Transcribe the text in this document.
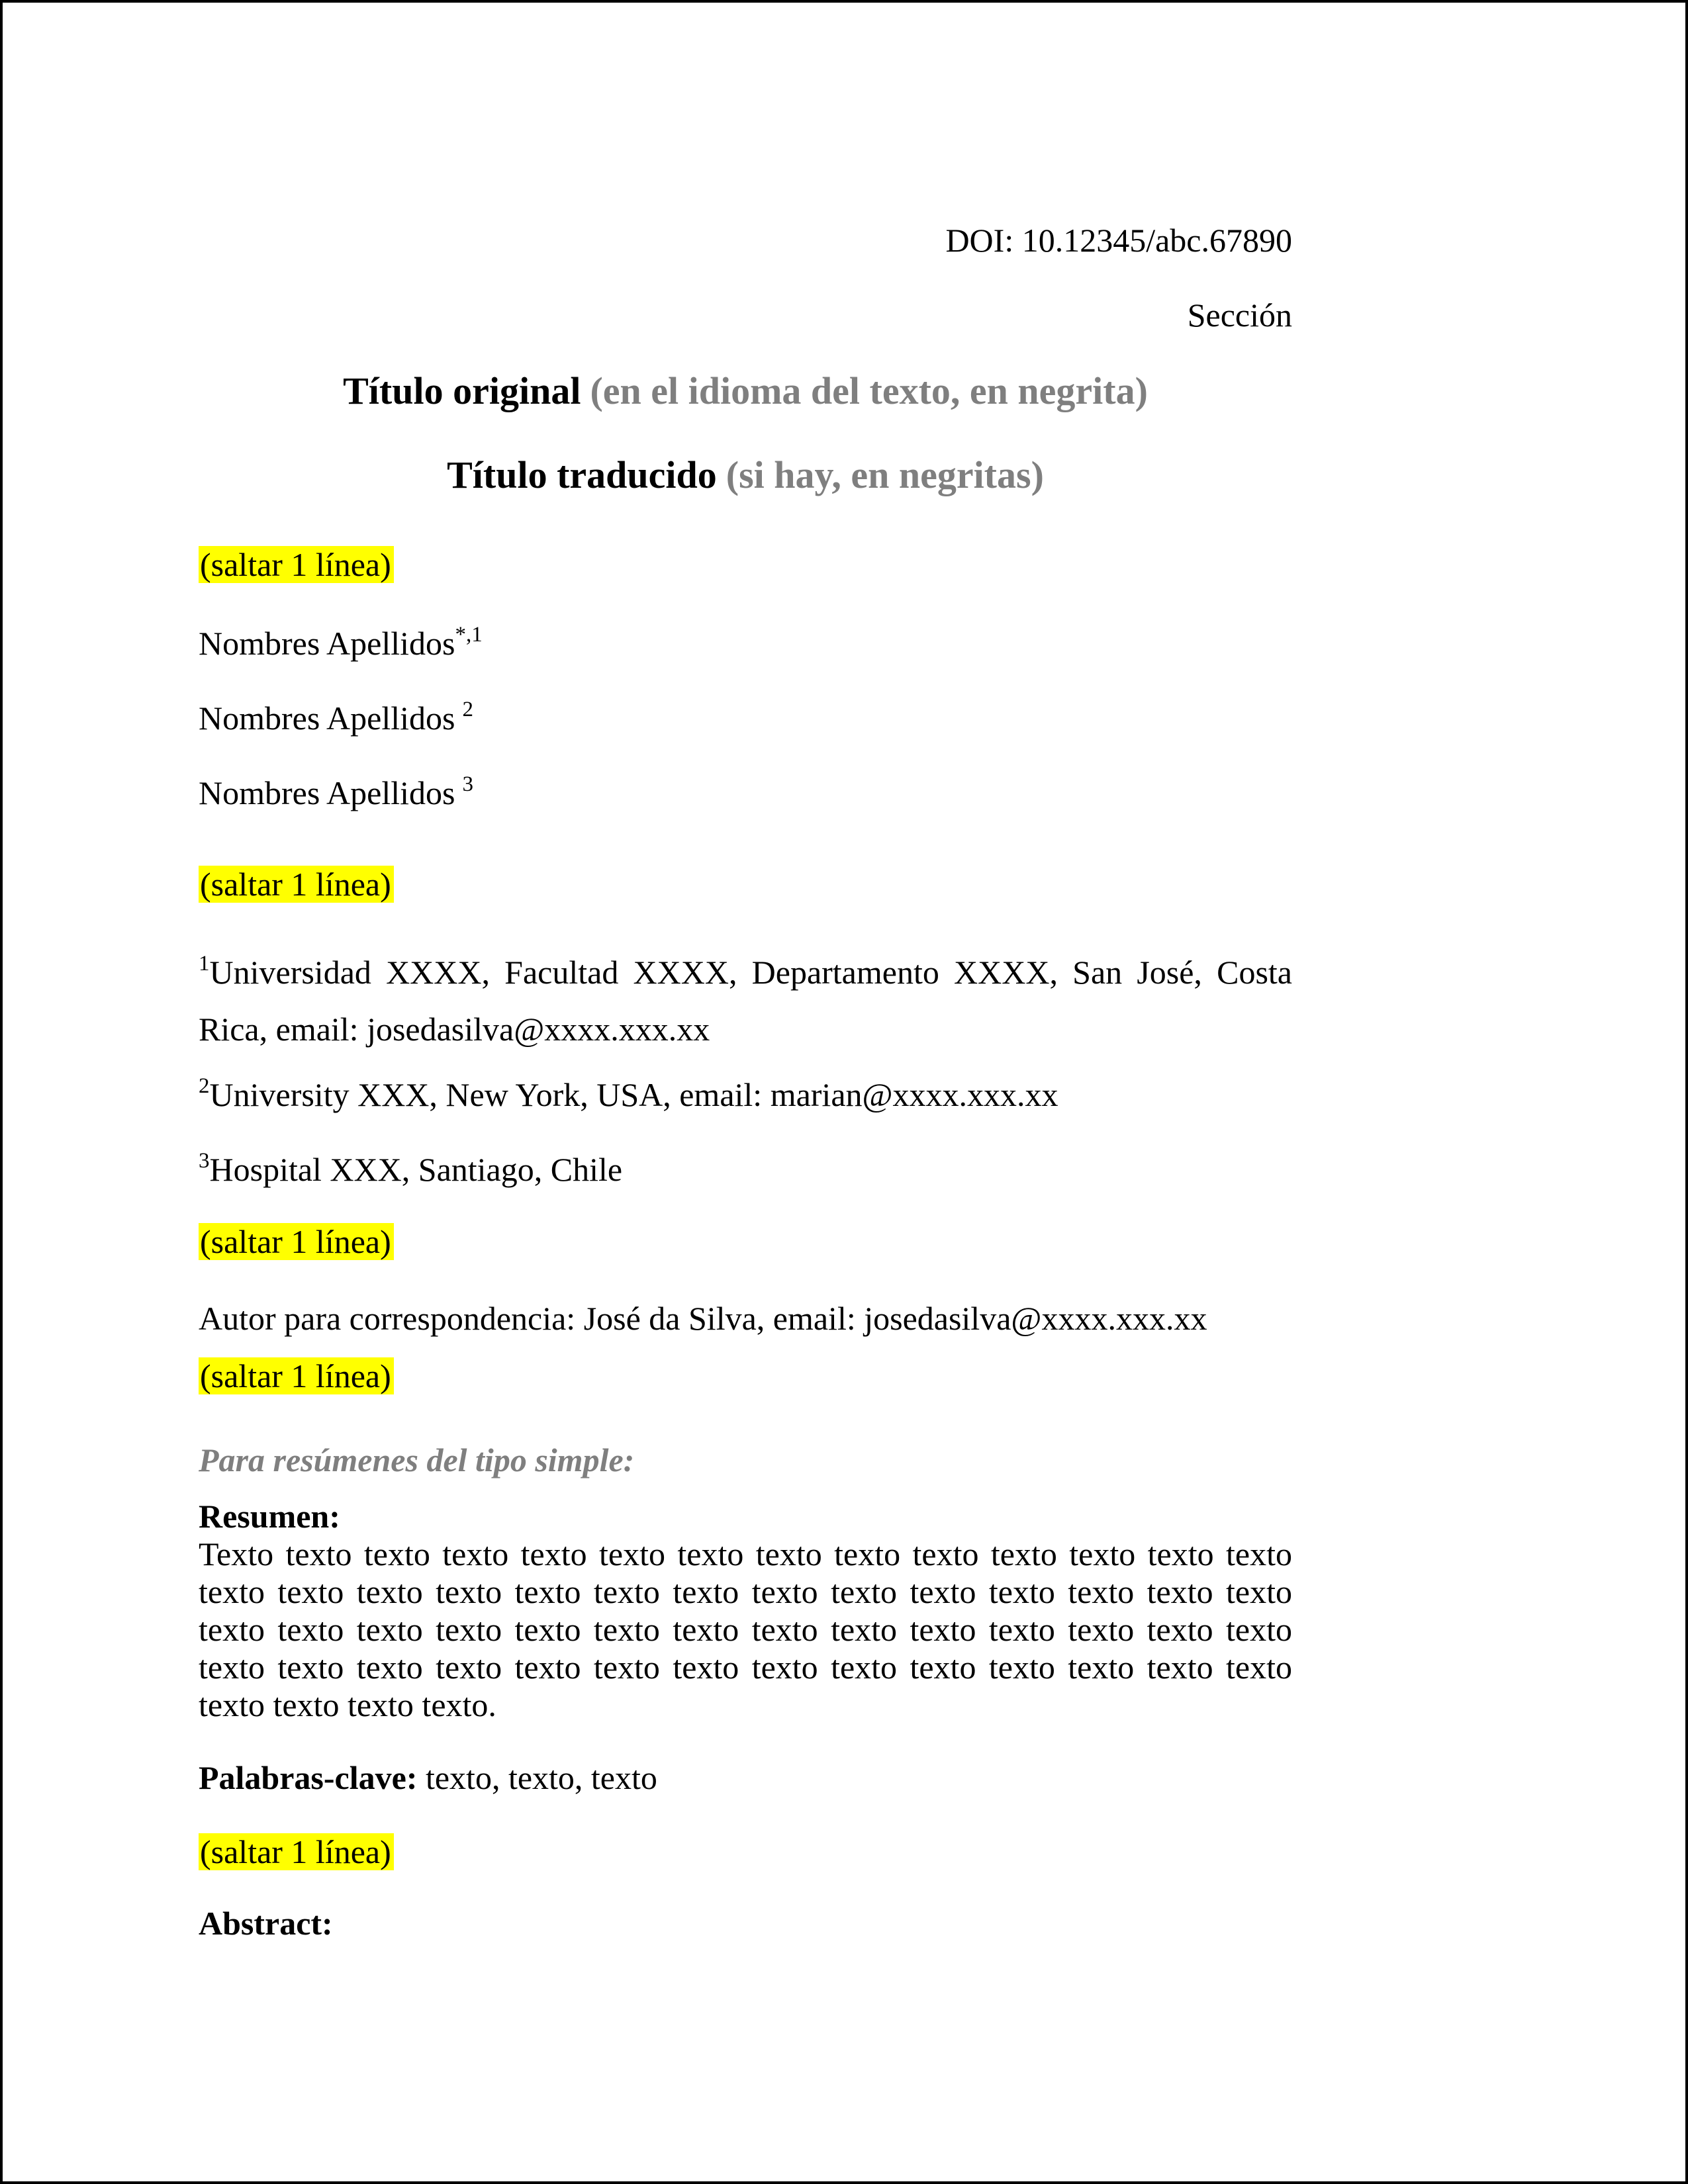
DOI: 10.12345/abc.67890
Sección
Título original (en el idioma del texto, en negrita)
Título traducido (si hay, en negritas)
(saltar 1 línea)
Nombres Apellidos$^{*,1}$
Nombres Apellidos $^2$
Nombres Apellidos $^3$
(saltar 1 línea)
$^1$Universidad XXXX, Facultad XXXX, Departamento XXXX, San José, Costa
Rica, email: josedasilva@xxxx.xxx.xx
$^2$University XXX, New York, USA, email: marian@xxxx.xxx.xx
$^3$Hospital XXX, Santiago, Chile
(saltar 1 línea)
Autor para correspondencia: José da Silva, email: josedasilva@xxxx.xxx.xx
(saltar 1 línea)
Para resúmenes del tipo simple:
Resumen:
Texto texto texto texto texto texto texto texto texto texto texto texto texto texto
texto texto texto texto texto texto texto texto texto texto texto texto texto texto
texto texto texto texto texto texto texto texto texto texto texto texto texto texto
texto texto texto texto texto texto texto texto texto texto texto texto texto texto
texto texto texto texto.
Palabras-clave: texto, texto, texto
(saltar 1 línea)
Abstract:
